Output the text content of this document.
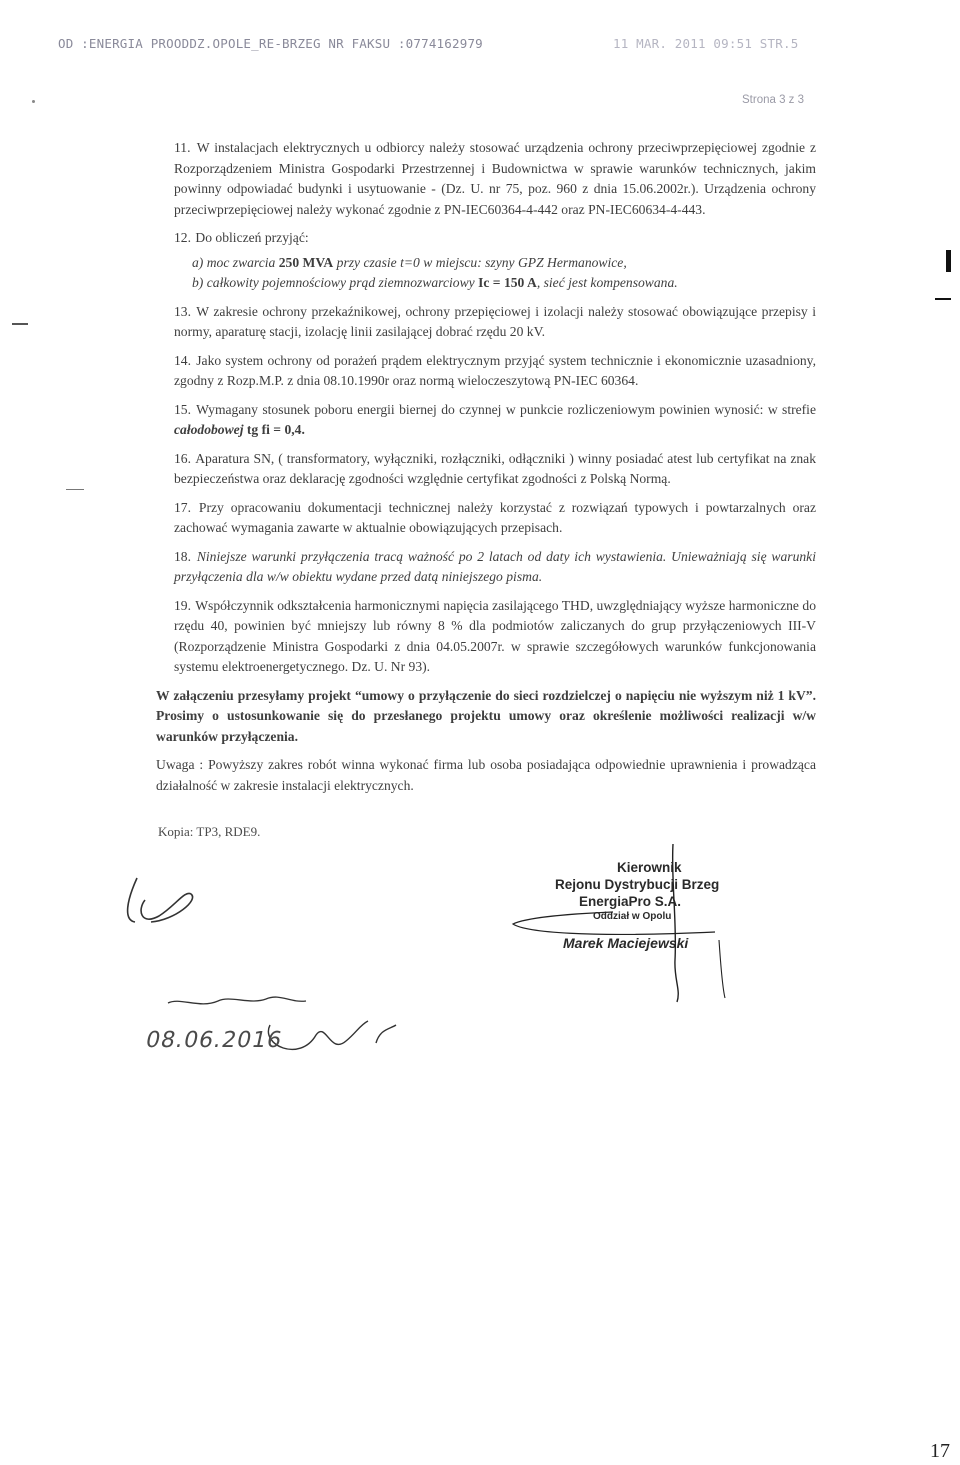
OD :ENERGIA PROODDZ.OPOLE_RE-BRZEG NR FAKSU :0774162979	11 MAR. 2011 09:51 STR.5
Strona 3 z 3
11. W instalacjach elektrycznych u odbiorcy należy stosować urządzenia ochrony przeciwprzepięciowej zgodnie z Rozporządzeniem Ministra Gospodarki Przestrzennej i Budownictwa w sprawie warunków technicznych, jakim powinny odpowiadać budynki i usytuowanie - (Dz. U. nr 75, poz. 960 z dnia 15.06.2002r.). Urządzenia ochrony przeciwprzepięciowej należy wykonać zgodnie z PN-IEC60364-4-442 oraz PN-IEC60634-4-443.
12. Do obliczeń przyjąć:
a) moc zwarcia 250 MVA przy czasie t=0 w miejscu: szyny GPZ Hermanowice,
b) całkowity pojemnościowy prąd ziemnozwarciowy Ic = 150 A, sieć jest kompensowana.
13. W zakresie ochrony przekaźnikowej, ochrony przepięciowej i izolacji należy stosować obowiązujące przepisy i normy, aparaturę stacji, izolację linii zasilającej dobrać rzędu 20 kV.
14. Jako system ochrony od porażeń prądem elektrycznym przyjąć system technicznie i ekonomicznie uzasadniony, zgodny z Rozp.M.P. z dnia 08.10.1990r oraz normą wieloczeszytową PN-IEC 60364.
15. Wymagany stosunek poboru energii biernej do czynnej w punkcie rozliczeniowym powinien wynosić: w strefie całodobowej tg fi = 0,4.
16. Aparatura SN, ( transformatory, wyłączniki, rozłączniki, odłączniki ) winny posiadać atest lub certyfikat na znak bezpieczeństwa oraz deklarację zgodności względnie certyfikat zgodności z Polską Normą.
17. Przy opracowaniu dokumentacji technicznej należy korzystać z rozwiązań typowych i powtarzalnych oraz zachować wymagania zawarte w aktualnie obowiązujących przepisach.
18. Niniejsze warunki przyłączenia tracą ważność po 2 latach od daty ich wystawienia. Unieważniają się warunki przyłączenia dla w/w obiektu wydane przed datą niniejszego pisma.
19. Współczynnik odkształcenia harmonicznymi napięcia zasilającego THD, uwzględniający wyższe harmoniczne do rzędu 40, powinien być mniejszy lub równy 8 % dla podmiotów zaliczanych do grup przyłączeniowych III-V (Rozporządzenie Ministra Gospodarki z dnia 04.05.2007r. w sprawie szczegółowych warunków funkcjonowania systemu elektroenergetycznego. Dz. U. Nr 93).
W załączeniu przesyłamy projekt “umowy o przyłączenie do sieci rozdzielczej o napięciu nie wyższym niż 1 kV”. Prosimy o ustosunkowanie się do przesłanego projektu umowy oraz określenie możliwości realizacji w/w warunków przyłączenia.
Uwaga : Powyższy zakres robót winna wykonać firma lub osoba posiadająca odpowiednie uprawnienia i prowadząca działalność w zakresie instalacji elektrycznych.
Kopia: TP3, RDE9.
Kierownik
Rejonu Dystrybucji Brzeg
EnergiaPro S.A.
Oddział w Opolu
Marek Maciejewski
08.06.2016
17
